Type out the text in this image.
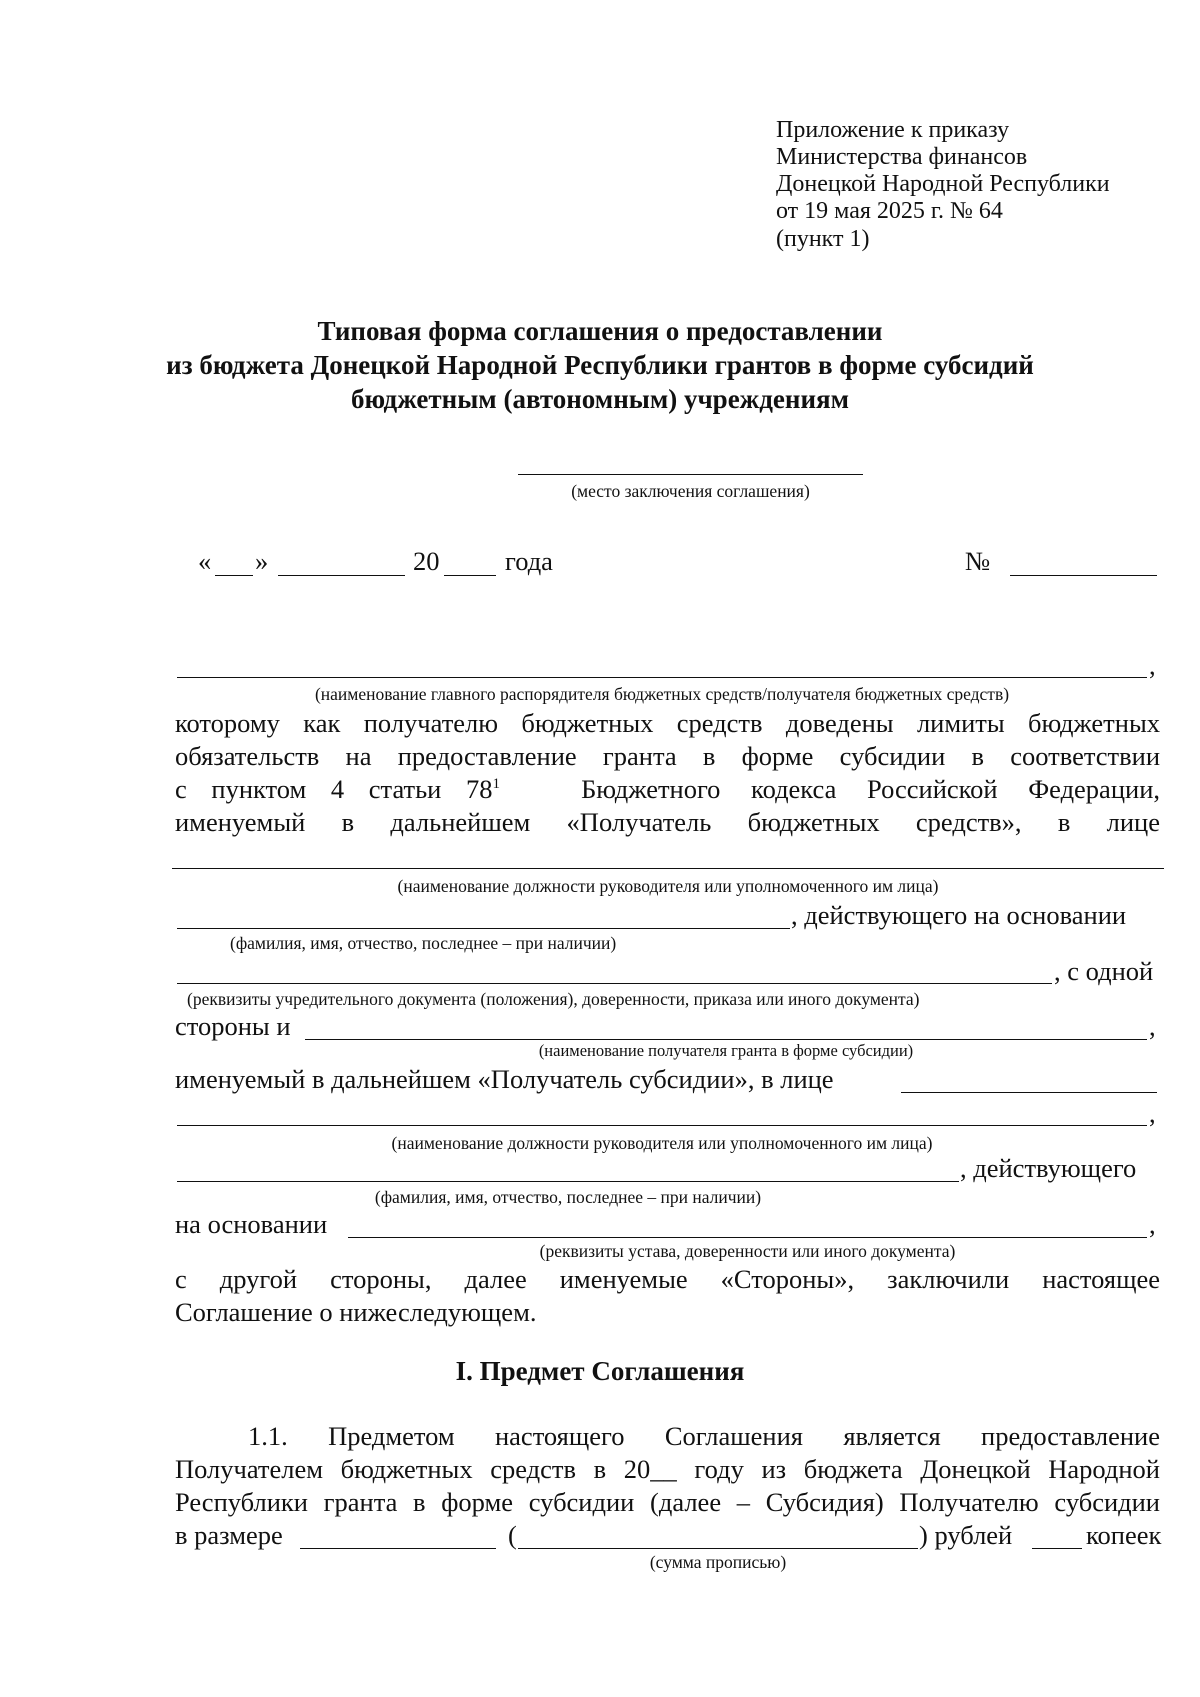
Приложение к приказу
Министерства финансов
Донецкой Народной Республики
от 19 мая 2025 г. № 64
(пункт 1)
Типовая форма соглашения о предоставлении
из бюджета Донецкой Народной Республики грантов в форме субсидий
бюджетным (автономным) учреждениям
(место заключения соглашения)
« »	20 года	№
,
(наименование главного распорядителя бюджетных средств/получателя бюджетных средств)
которому как получателю бюджетных средств доведены лимиты бюджетных
обязательств на предоставление гранта в форме субсидии в соответствии
с пунктом 4 статьи $78^1$	Бюджетного кодекса Российской Федерации,
именуемый в дальнейшем «Получатель бюджетных средств», в лице
(наименование должности руководителя или уполномоченного им лица)
, действующего на основании
(фамилия, имя, отчество, последнее – при наличии)
, с одной
(реквизиты учредительного документа (положения), доверенности, приказа или иного документа)
стороны и	,
(наименование получателя гранта в форме субсидии)
именуемый в дальнейшем «Получатель субсидии», в лице
,
(наименование должности руководителя или уполномоченного им лица)
, действующего
(фамилия, имя, отчество, последнее – при наличии)
на основании	,
(реквизиты устава, доверенности или иного документа)
с другой стороны, далее именуемые «Стороны», заключили настоящее
Соглашение о нижеследующем.
I. Предмет Соглашения
1.1. Предметом настоящего Соглашения является предоставление
Получателем бюджетных средств в 20__ году из бюджета Донецкой Народной
Республики гранта в форме субсидии (далее – Субсидия) Получателю субсидии
в размере	(	) рублей	копеек
(сумма прописью)
